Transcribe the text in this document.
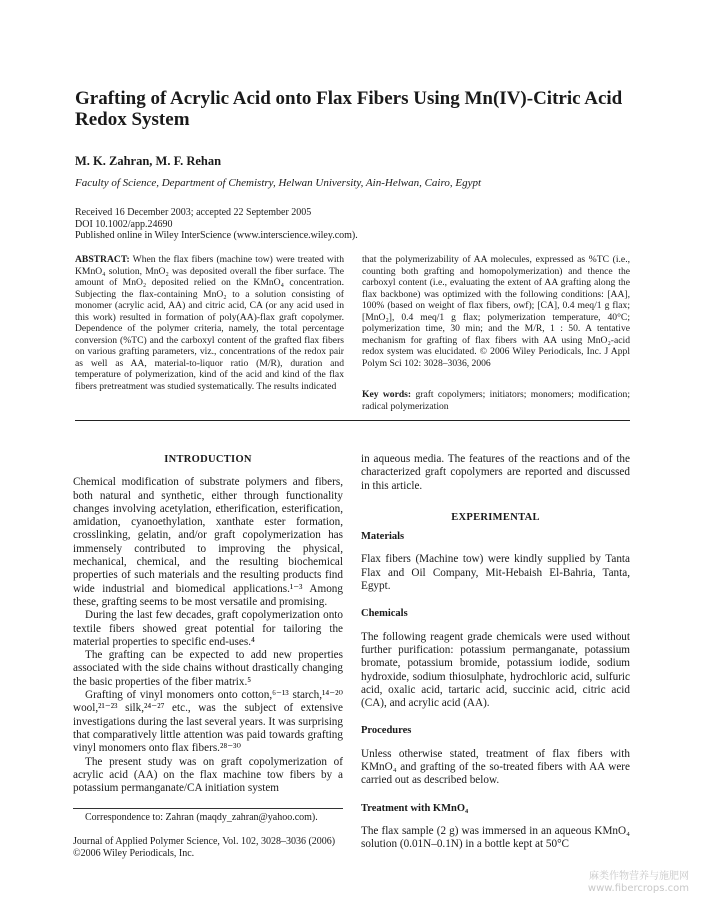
Grafting of Acrylic Acid onto Flax Fibers Using Mn(IV)-Citric Acid Redox System
M. K. Zahran, M. F. Rehan
Faculty of Science, Department of Chemistry, Helwan University, Ain-Helwan, Cairo, Egypt
Received 16 December 2003; accepted 22 September 2005
DOI 10.1002/app.24690
Published online in Wiley InterScience (www.interscience.wiley.com).
ABSTRACT: When the flax fibers (machine tow) were treated with KMnO₄ solution, MnO₂ was deposited overall the fiber surface. The amount of MnO₂ deposited relied on the KMnO₄ concentration. Subjecting the flax-containing MnO₂ to a solution consisting of monomer (acrylic acid, AA) and citric acid, CA (or any acid used in this work) resulted in formation of poly(AA)-flax graft copolymer. Dependence of the polymer criteria, namely, the total percentage conversion (%TC) and the carboxyl content of the grafted flax fibers on various grafting parameters, viz., concentrations of the redox pair as well as AA, material-to-liquor ratio (M/R), duration and temperature of polymerization, kind of the acid and kind of the flax fibers pretreatment was studied systematically. The results indicated
that the polymerizability of AA molecules, expressed as %TC (i.e., counting both grafting and homopolymerization) and thence the carboxyl content (i.e., evaluating the extent of AA grafting along the flax backbone) was optimized with the following conditions: [AA], 100% (based on weight of flax fibers, owf); [CA], 0.4 meq/1 g flax; [MnO₂], 0.4 meq/1 g flax; polymerization temperature, 40°C; polymerization time, 30 min; and the M/R, 1 : 50. A tentative mechanism for grafting of flax fibers with AA using MnO₂-acid redox system was elucidated. © 2006 Wiley Periodicals, Inc. J Appl Polym Sci 102: 3028–3036, 2006
Key words: graft copolymers; initiators; monomers; modification; radical polymerization
INTRODUCTION

Chemical modification of substrate polymers and fibers, both natural and synthetic, either through functionality changes involving acetylation, etherification, esterification, amidation, cyanoethylation, xanthate ester formation, crosslinking, gelatin, and/or graft copolymerization has immensely contributed to improving the physical, mechanical, chemical, and the resulting biochemical properties of such materials and the resulting products find wide industrial and biomedical applications.¹⁻³ Among these, grafting seems to be most versatile and promising.

During the last few decades, graft copolymerization onto textile fibers showed great potential for tailoring the material properties to specific end-uses.⁴

The grafting can be expected to add new properties associated with the side chains without drastically changing the basic properties of the fiber matrix.⁵

Grafting of vinyl monomers onto cotton,⁶⁻¹³ starch,¹⁴⁻²⁰ wool,²¹⁻²³ silk,²⁴⁻²⁷ etc., was the subject of extensive investigations during the last several years. It was surprising that comparatively little attention was paid towards grafting vinyl monomers onto flax fibers.²⁸⁻³⁰

The present study was on graft copolymerization of acrylic acid (AA) on the flax machine tow fibers by a potassium permanganate/CA initiation system

in aqueous media. The features of the reactions and of the characterized graft copolymers are reported and discussed in this article.

EXPERIMENTAL
Materials

Flax fibers (Machine tow) were kindly supplied by Tanta Flax and Oil Company, Mit-Hebaish El-Bahria, Tanta, Egypt.

Chemicals

The following reagent grade chemicals were used without further purification: potassium permanganate, potassium bromate, potassium bromide, potassium iodide, sodium hydroxide, sodium thiosulphate, hydrochloric acid, sulfuric acid, oxalic acid, tartaric acid, succinic acid, citric acid (CA), and acrylic acid (AA).

Procedures

Unless otherwise stated, treatment of flax fibers with KMnO₄ and grafting of the so-treated fibers with AA were carried out as described below.

Treatment with KMnO₄

The flax sample (2 g) was immersed in an aqueous KMnO₄ solution (0.01N–0.1N) in a bottle kept at 50°C

Correspondence to: Zahran (maqdy_zahran@yahoo.com).
Journal of Applied Polymer Science, Vol. 102, 3028–3036 (2006)
©2006 Wiley Periodicals, Inc.
麻类作物营养与施肥网
www.fibercrops.com
